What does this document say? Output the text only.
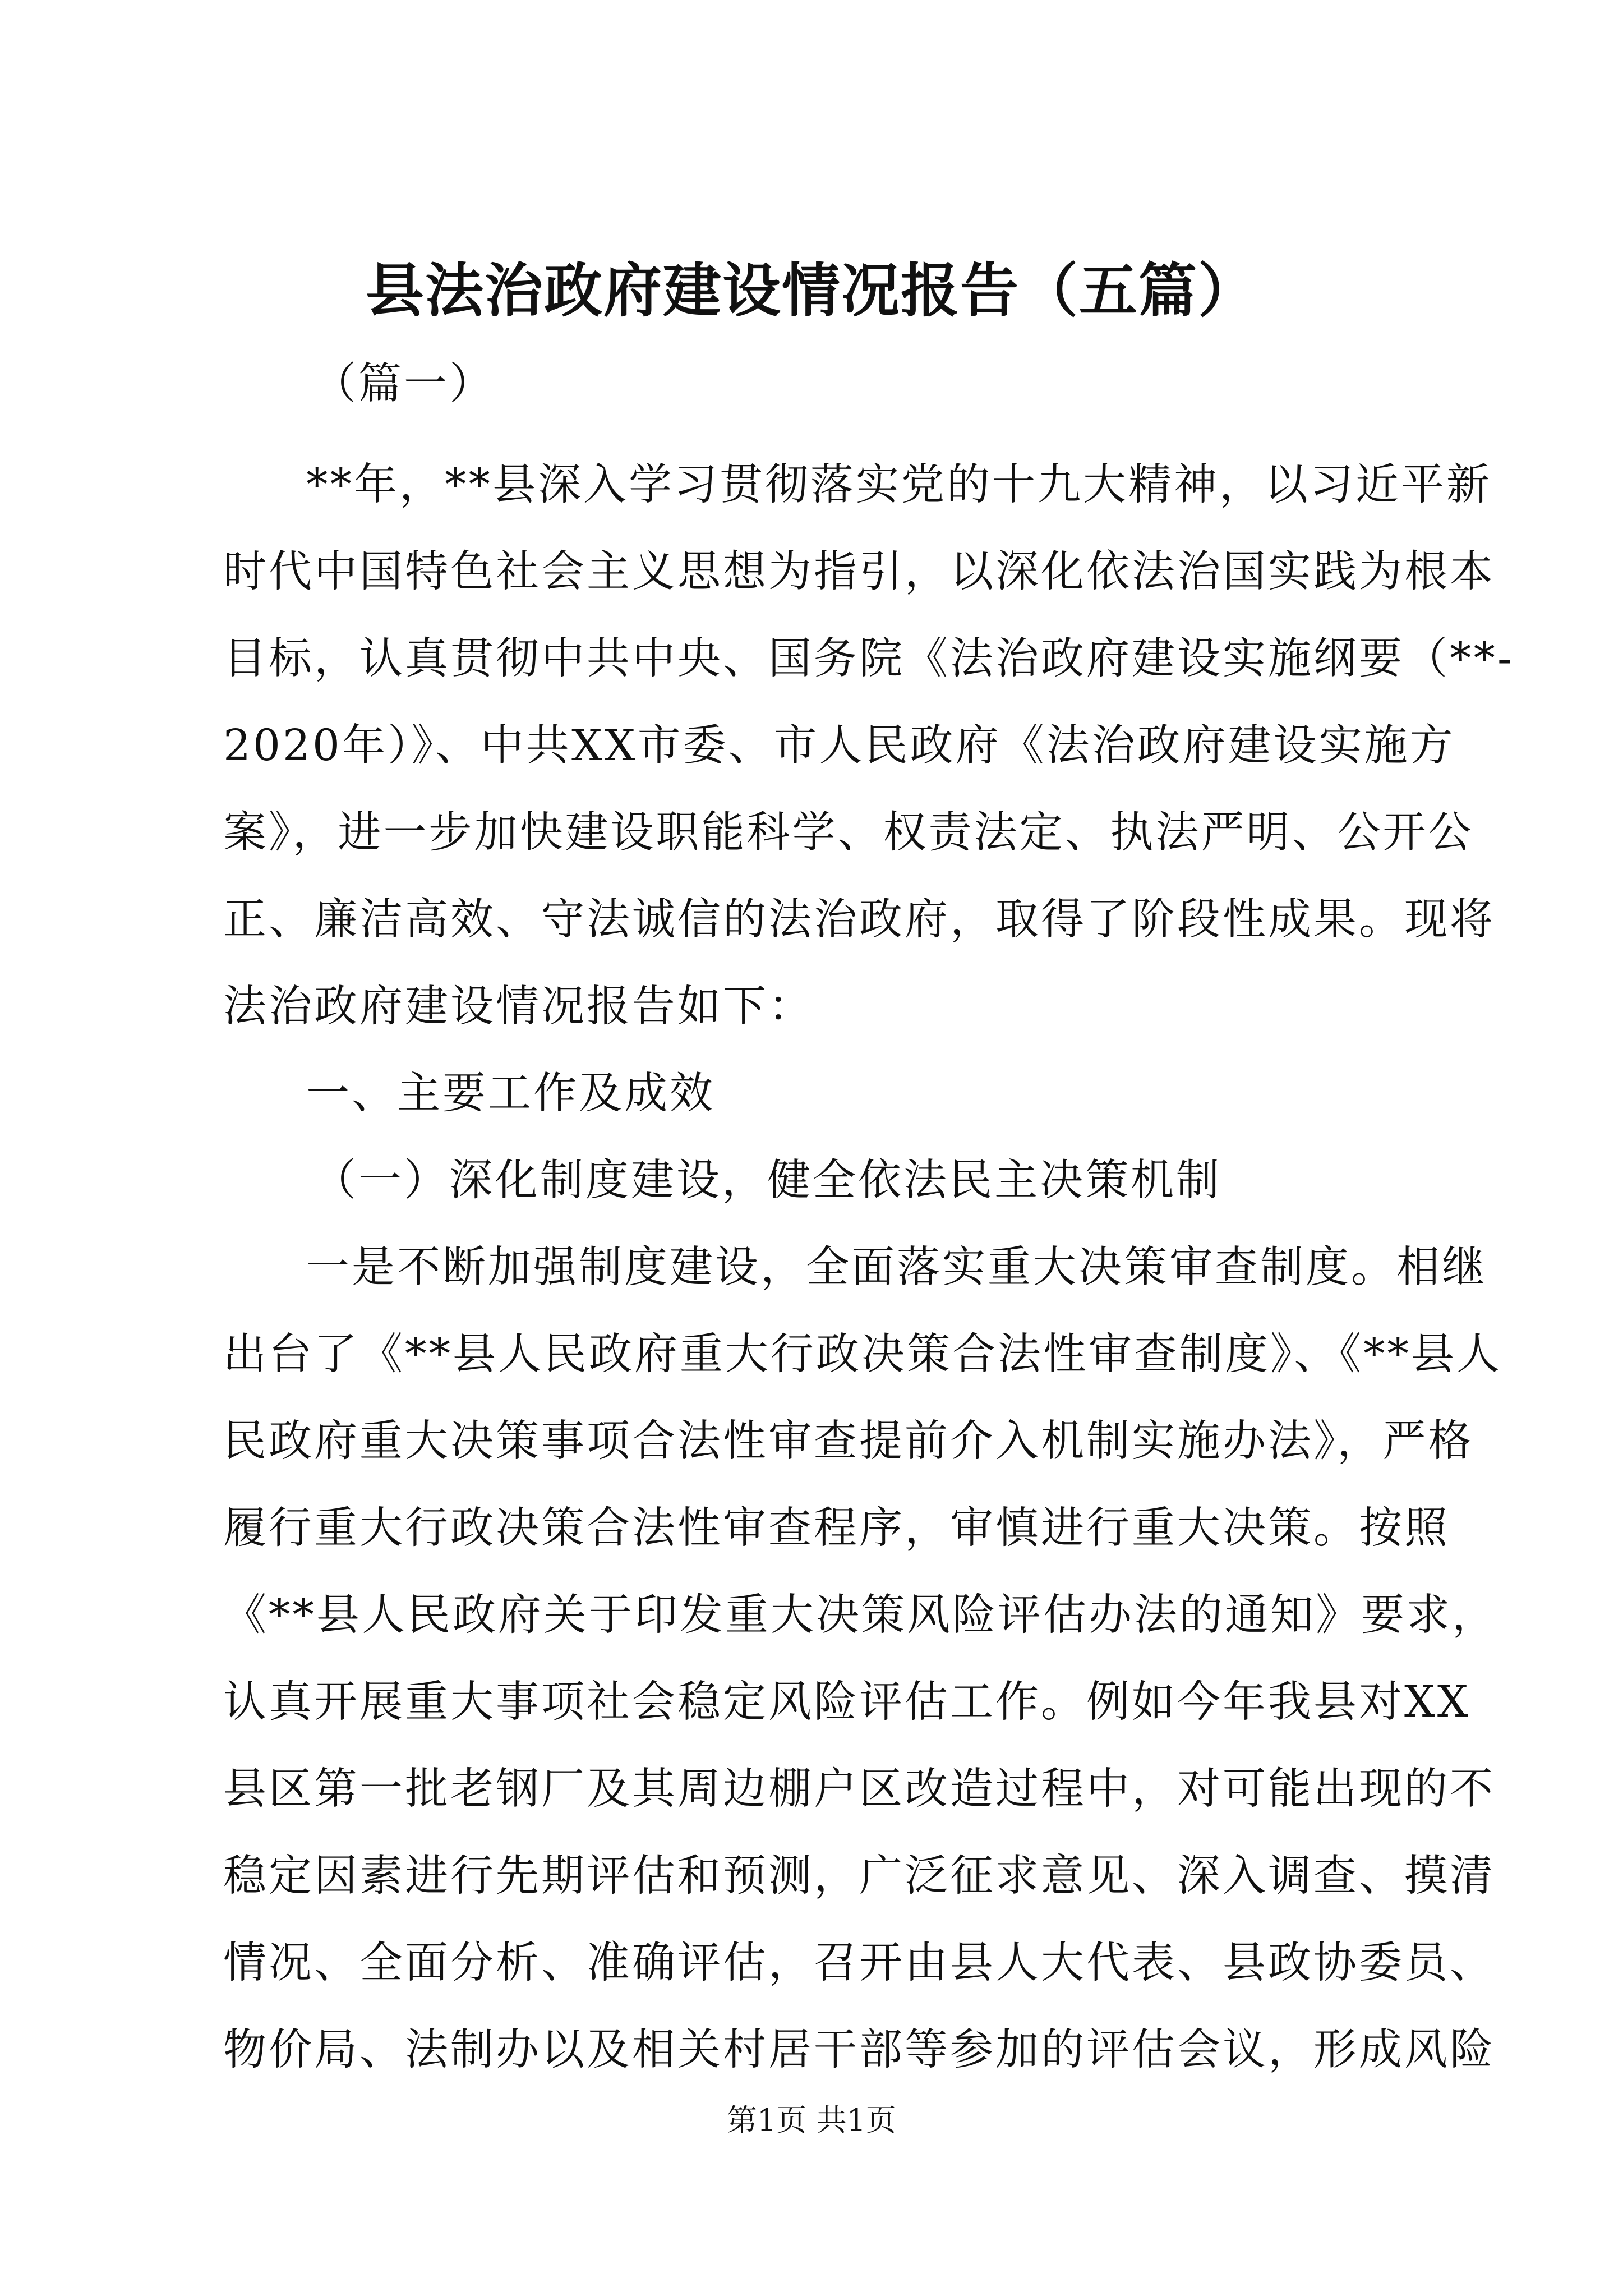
县法治政府建设情况报告（五篇）

（篇一）

**年，**县深入学习贯彻落实党的十九大精神，以习近平新

时代中国特色社会主义思想为指引，以深化依法治国实践为根本

目标，认真贯彻中共中央、国务院《法治政府建设实施纲要（**-

2020年）》、中共XX市委、市人民政府《法治政府建设实施方

案》，进一步加快建设职能科学、权责法定、执法严明、公开公

正、廉洁高效、守法诚信的法治政府，取得了阶段性成果。现将

法治政府建设情况报告如下：

一、主要工作及成效

（一）深化制度建设，健全依法民主决策机制

一是不断加强制度建设，全面落实重大决策审查制度。相继

出台了《**县人民政府重大行政决策合法性审查制度》、《**县人

民政府重大决策事项合法性审查提前介入机制实施办法》，严格

履行重大行政决策合法性审查程序，审慎进行重大决策。按照

《**县人民政府关于印发重大决策风险评估办法的通知》要求，

认真开展重大事项社会稳定风险评估工作。例如今年我县对XX

县区第一批老钢厂及其周边棚户区改造过程中，对可能出现的不

稳定因素进行先期评估和预测，广泛征求意见、深入调查、摸清

情况、全面分析、准确评估，召开由县人大代表、县政协委员、

物价局、法制办以及相关村居干部等参加的评估会议，形成风险

第1页 共1页
